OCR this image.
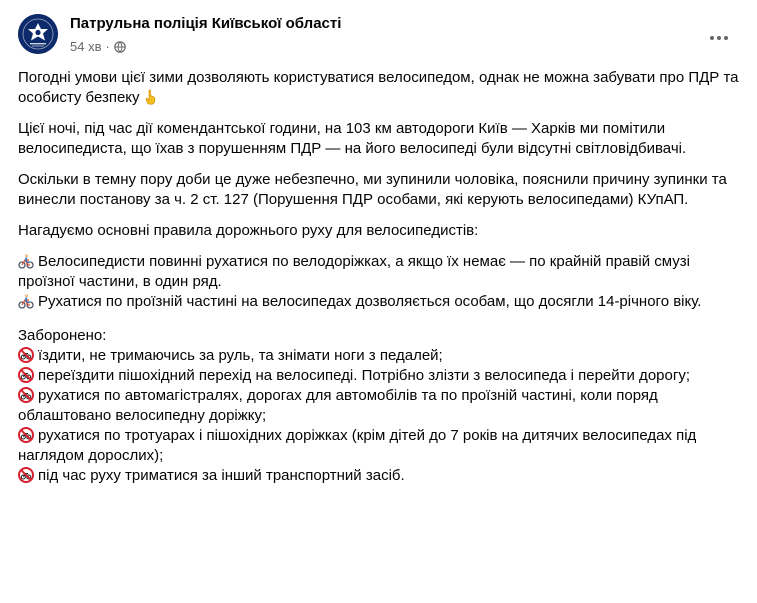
Патрульна поліція Київської області
54 хв ·

Погодні умови цієї зими дозволяють користуватися велосипедом, однак не можна забувати про ПДР та особисту безпеку

Цієї ночі, під час дії комендантської години, на 103 км автодороги Київ — Харків ми помітили велосипедиста, що їхав з порушенням ПДР — на його велосипеді були відсутні світловідбивачі.

Оскільки в темну пору доби це дуже небезпечно, ми зупинили чоловіка, пояснили причину зупинки та винесли постанову за ч. 2 ст. 127 (Порушення ПДР особами, які керують велосипедами) КУпАП.

Нагадуємо основні правила дорожнього руху для велосипедистів:

Велосипедисти повинні рухатися по велодоріжках, а якщо їх немає — по крайній правій смузі проїзної частини, в один ряд.
Рухатися по проїзній частині на велосипедах дозволяється особам, що досягли 14-річного віку.

Заборонено:
їздити, не тримаючись за руль, та знімати ноги з педалей;
переїздити пішохідний перехід на велосипеді. Потрібно злізти з велосипеда і перейти дорогу;
рухатися по автомагістралях, дорогах для автомобілів та по проїзній частині, коли поряд облаштовано велосипедну доріжку;
рухатися по тротуарах і пішохідних доріжках (крім дітей до 7 років на дитячих велосипедах під наглядом дорослих);
під час руху триматися за інший транспортний засіб.
